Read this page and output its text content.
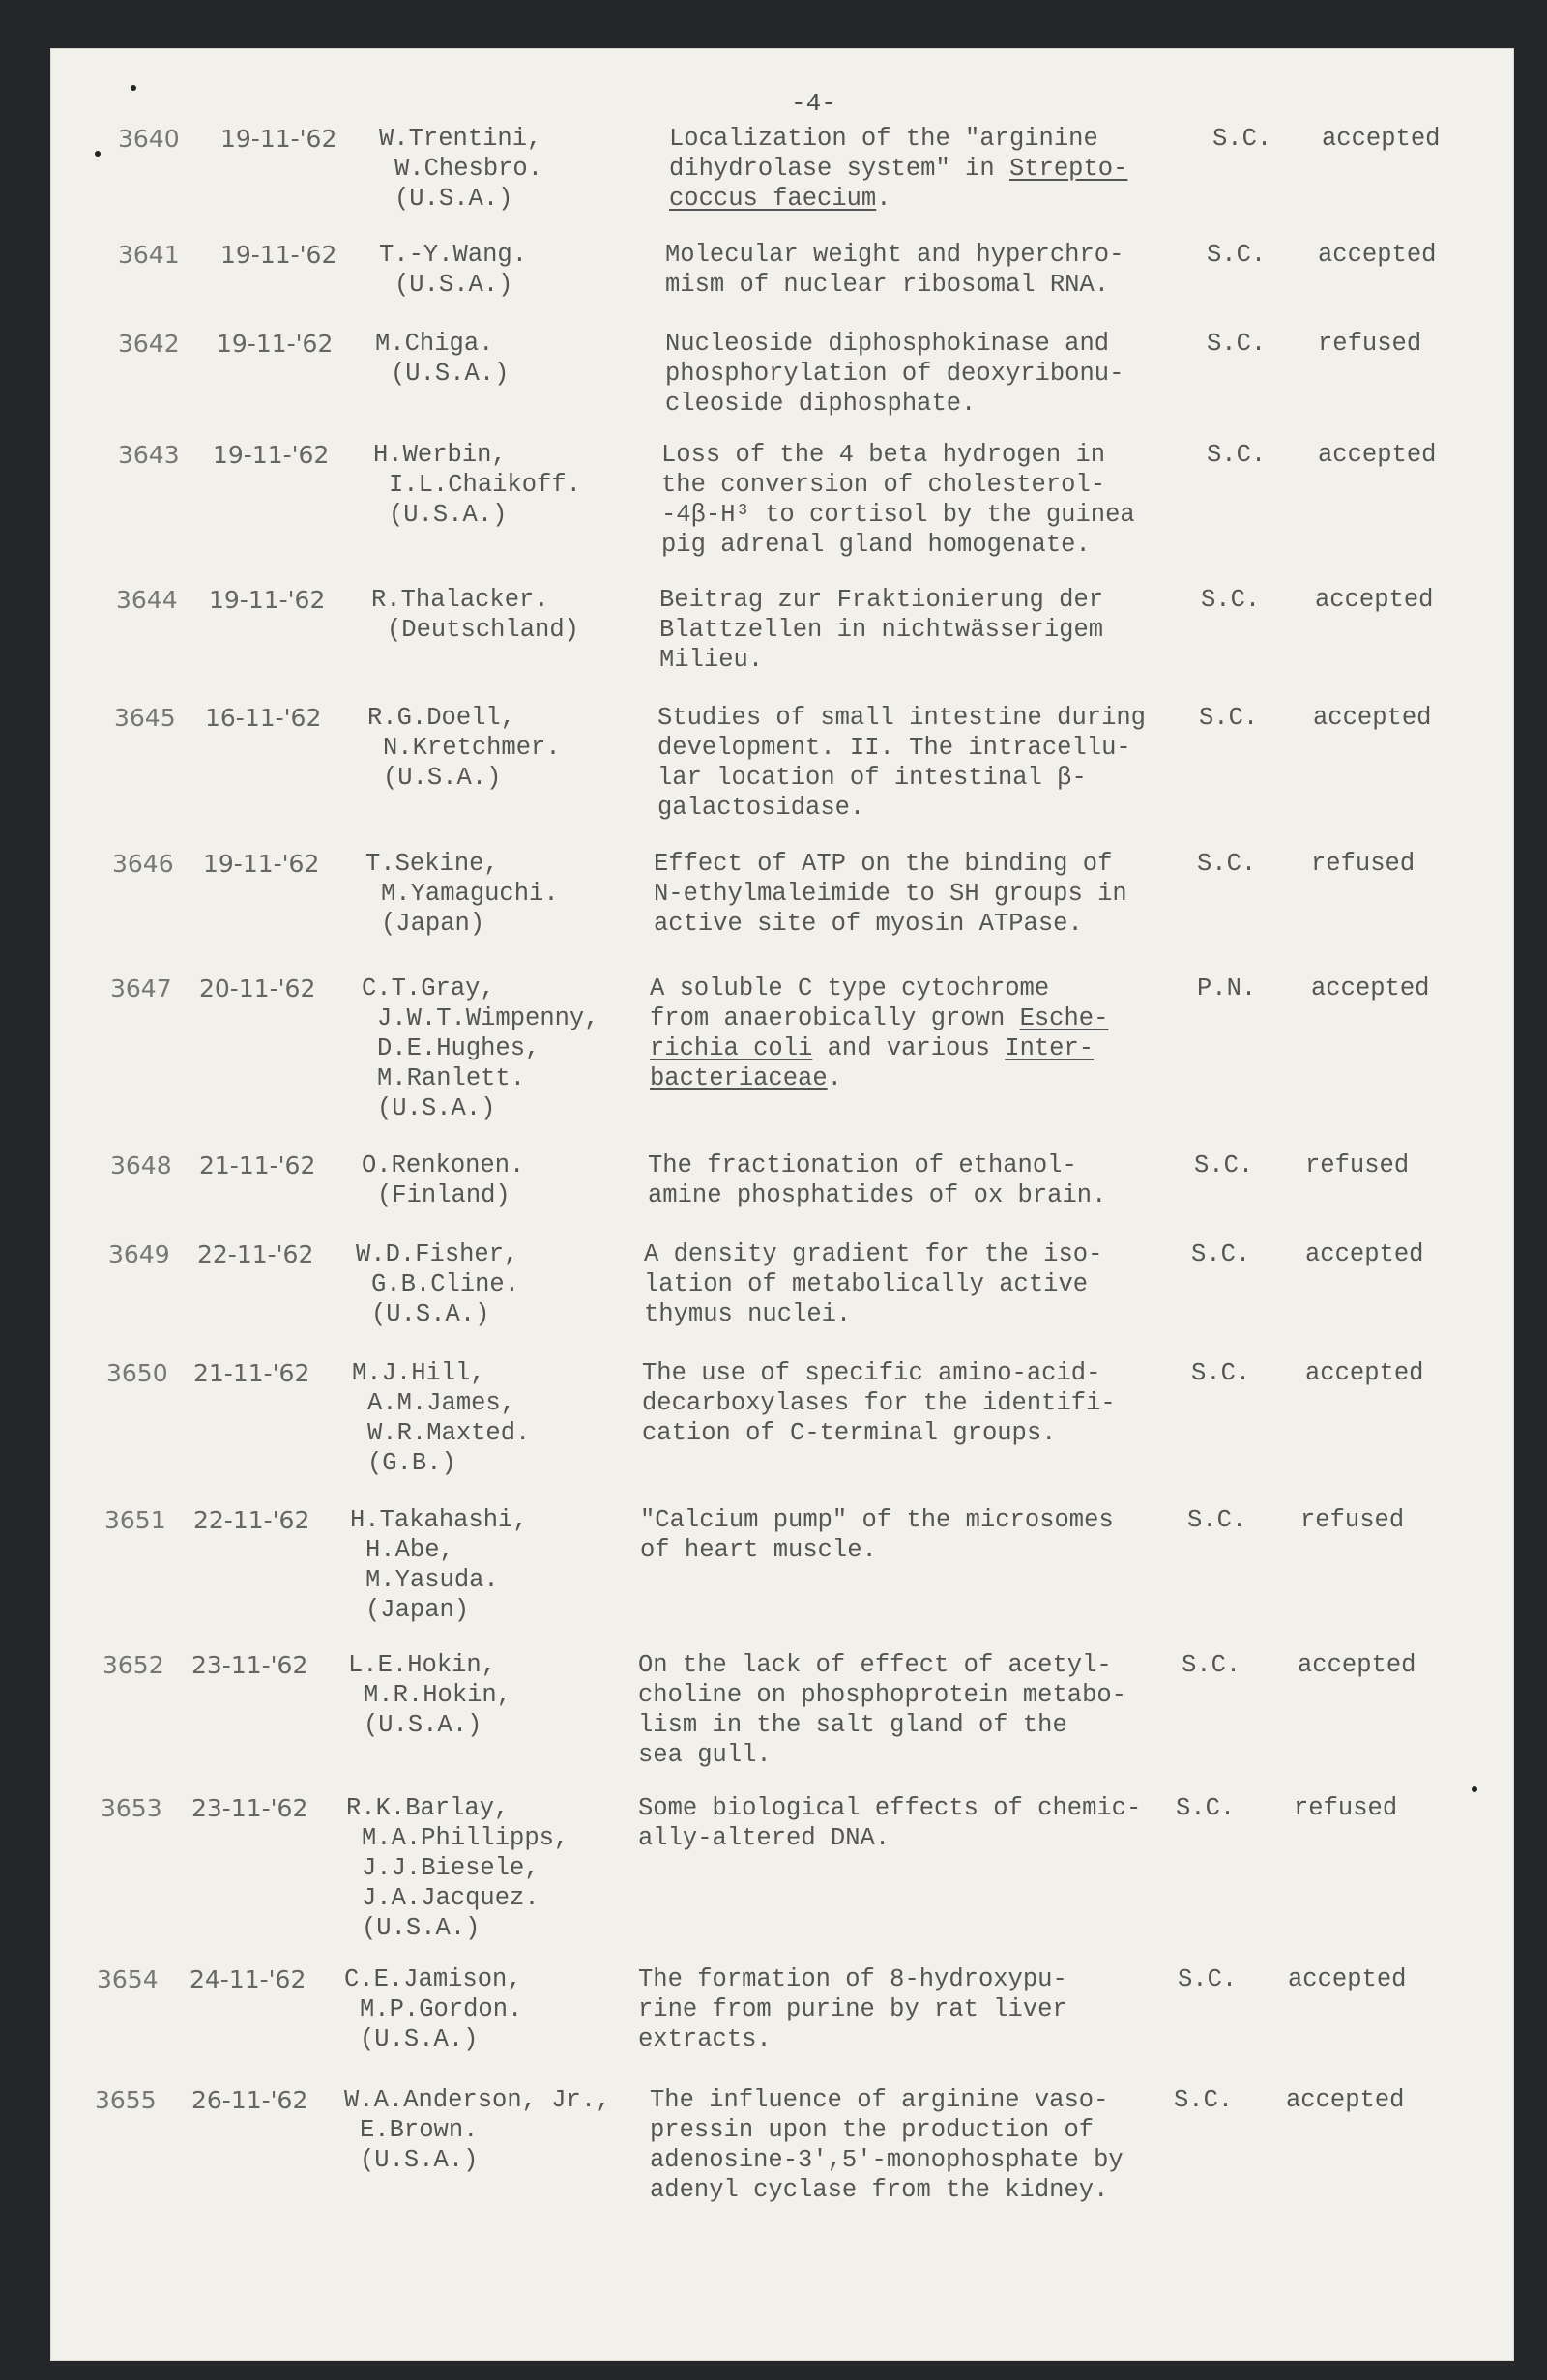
-4-
3640 19-11-'62 W.Trentini,
W.Chesbro.
(U.S.A.)
Localization of the "arginine
dihydrolase system" in Strepto-
coccus faecium.
S.C. accepted
3641 19-11-'62 T.-Y.Wang.
(U.S.A.)
Molecular weight and hyperchro-
mism of nuclear ribosomal RNA.
S.C. accepted
3642 19-11-'62 M.Chiga.
(U.S.A.)
Nucleoside diphosphokinase and
phosphorylation of deoxyribonu-
cleoside diphosphate.
S.C. refused
3643 19-11-'62 H.Werbin,
I.L.Chaikoff.
(U.S.A.)
Loss of the 4 beta hydrogen in
the conversion of cholesterol-
-4β-H³ to cortisol by the guinea
pig adrenal gland homogenate.
S.C. accepted
3644 19-11-'62 R.Thalacker.
(Deutschland)
Beitrag zur Fraktionierung der
Blattzellen in nichtwässerigem
Milieu.
S.C. accepted
3645 16-11-'62 R.G.Doell,
N.Kretchmer.
(U.S.A.)
Studies of small intestine during
development. II. The intracellu-
lar location of intestinal β-
galactosidase.
S.C. accepted
3646 19-11-'62 T.Sekine,
M.Yamaguchi.
(Japan)
Effect of ATP on the binding of
N-ethylmaleimide to SH groups in
active site of myosin ATPase.
S.C. refused
3647 20-11-'62 C.T.Gray,
J.W.T.Wimpenny,
D.E.Hughes,
M.Ranlett.
(U.S.A.)
A soluble C type cytochrome
from anaerobically grown Esche-
richia coli and various Inter-
bacteriaceae.
P.N. accepted
3648 21-11-'62 O.Renkonen.
(Finland)
The fractionation of ethanol-
amine phosphatides of ox brain.
S.C. refused
3649 22-11-'62 W.D.Fisher,
G.B.Cline.
(U.S.A.)
A density gradient for the iso-
lation of metabolically active
thymus nuclei.
S.C. accepted
3650 21-11-'62 M.J.Hill,
A.M.James,
W.R.Maxted.
(G.B.)
The use of specific amino-acid-
decarboxylases for the identifi-
cation of C-terminal groups.
S.C. accepted
3651 22-11-'62 H.Takahashi,
H.Abe,
M.Yasuda.
(Japan)
"Calcium pump" of the microsomes
of heart muscle.
S.C. refused
3652 23-11-'62 L.E.Hokin,
M.R.Hokin,
(U.S.A.)
On the lack of effect of acetyl-
choline on phosphoprotein metabo-
lism in the salt gland of the
sea gull.
S.C. accepted
3653 23-11-'62 R.K.Barlay,
M.A.Phillipps,
J.J.Biesele,
J.A.Jacquez.
(U.S.A.)
Some biological effects of chemic-
ally-altered DNA.
S.C. refused
3654 24-11-'62 C.E.Jamison,
M.P.Gordon.
(U.S.A.)
The formation of 8-hydroxypu-
rine from purine by rat liver
extracts.
S.C. accepted
3655 26-11-'62 W.A.Anderson, Jr.,
E.Brown.
(U.S.A.)
The influence of arginine vaso-
pressin upon the production of
adenosine-3',5'-monophosphate by
adenyl cyclase from the kidney.
S.C. accepted
